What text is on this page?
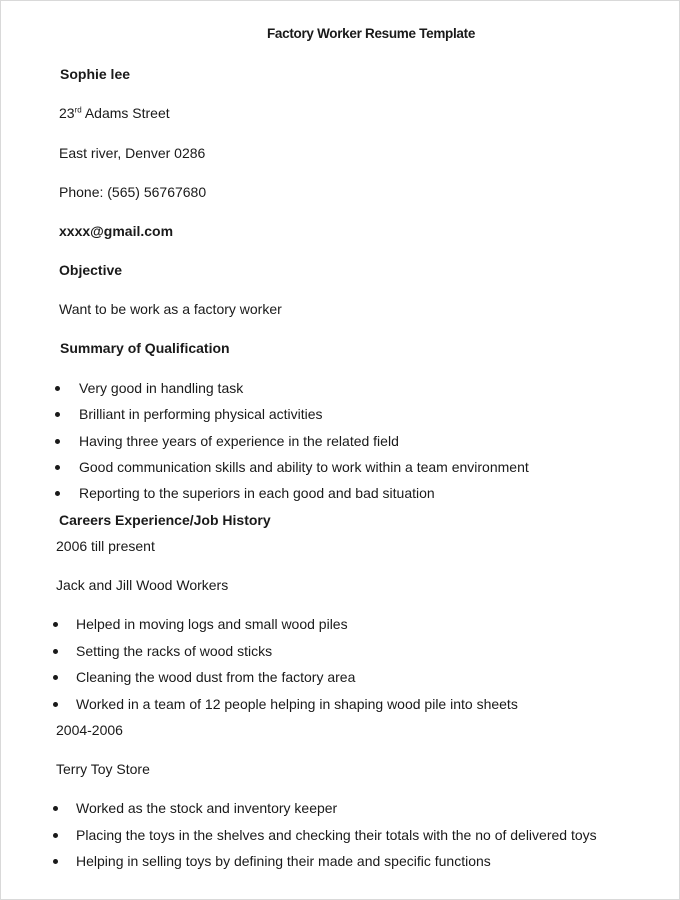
Factory Worker Resume Template
Sophie lee
23rd Adams Street
East river, Denver 0286
Phone: (565) 56767680
xxxx@gmail.com
Objective
Want to be work as a factory worker
Summary of Qualification
Very good in handling task
Brilliant in performing physical activities
Having three years of experience in the related field
Good communication skills and ability to work within a team environment
Reporting to the superiors in each good and bad situation
Careers Experience/Job History
2006 till present
Jack and Jill Wood Workers
Helped in moving logs and small wood piles
Setting the racks of wood sticks
Cleaning the wood dust from the factory area
Worked in a team of 12 people helping in shaping wood pile into sheets
2004-2006
Terry Toy Store
Worked as the stock and inventory keeper
Placing the toys in the shelves and checking their totals with the no of delivered toys
Helping in selling toys by defining their made and specific functions
